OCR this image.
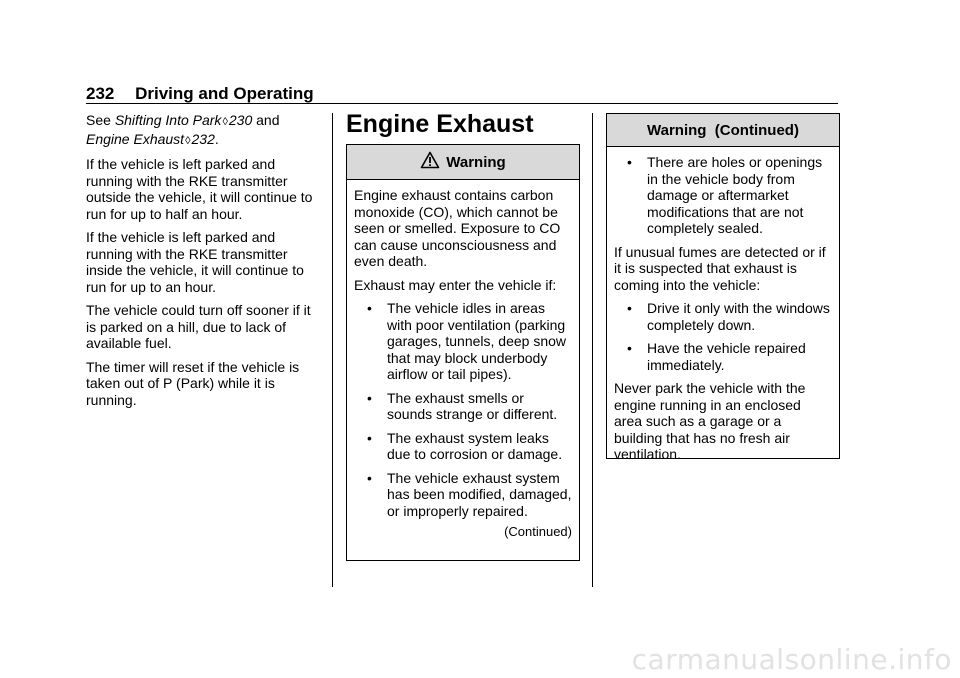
232 Driving and Operating

See Shifting Into Park◊230 and
Engine Exhaust◊232.

If the vehicle is left parked and running with the RKE transmitter outside the vehicle, it will continue to run for up to half an hour.

If the vehicle is left parked and running with the RKE transmitter inside the vehicle, it will continue to run for up to an hour.

The vehicle could turn off sooner if it is parked on a hill, due to lack of available fuel.

The timer will reset if the vehicle is taken out of P (Park) while it is running.

Engine Exhaust
Warning

Engine exhaust contains carbon monoxide (CO), which cannot be seen or smelled. Exposure to CO can cause unconsciousness and even death.

Exhaust may enter the vehicle if:

• The vehicle idles in areas with poor ventilation (parking garages, tunnels, deep snow that may block underbody airflow or tail pipes).
• The exhaust smells or sounds strange or different.
• The exhaust system leaks due to corrosion or damage.
• The vehicle exhaust system has been modified, damaged, or improperly repaired.
(Continued)
Warning  (Continued)
• There are holes or openings in the vehicle body from damage or aftermarket modifications that are not completely sealed.

If unusual fumes are detected or if it is suspected that exhaust is coming into the vehicle:

• Drive it only with the windows completely down.
• Have the vehicle repaired immediately.

Never park the vehicle with the engine running in an enclosed area such as a garage or a building that has no fresh air ventilation.

carmanualsonline.info
